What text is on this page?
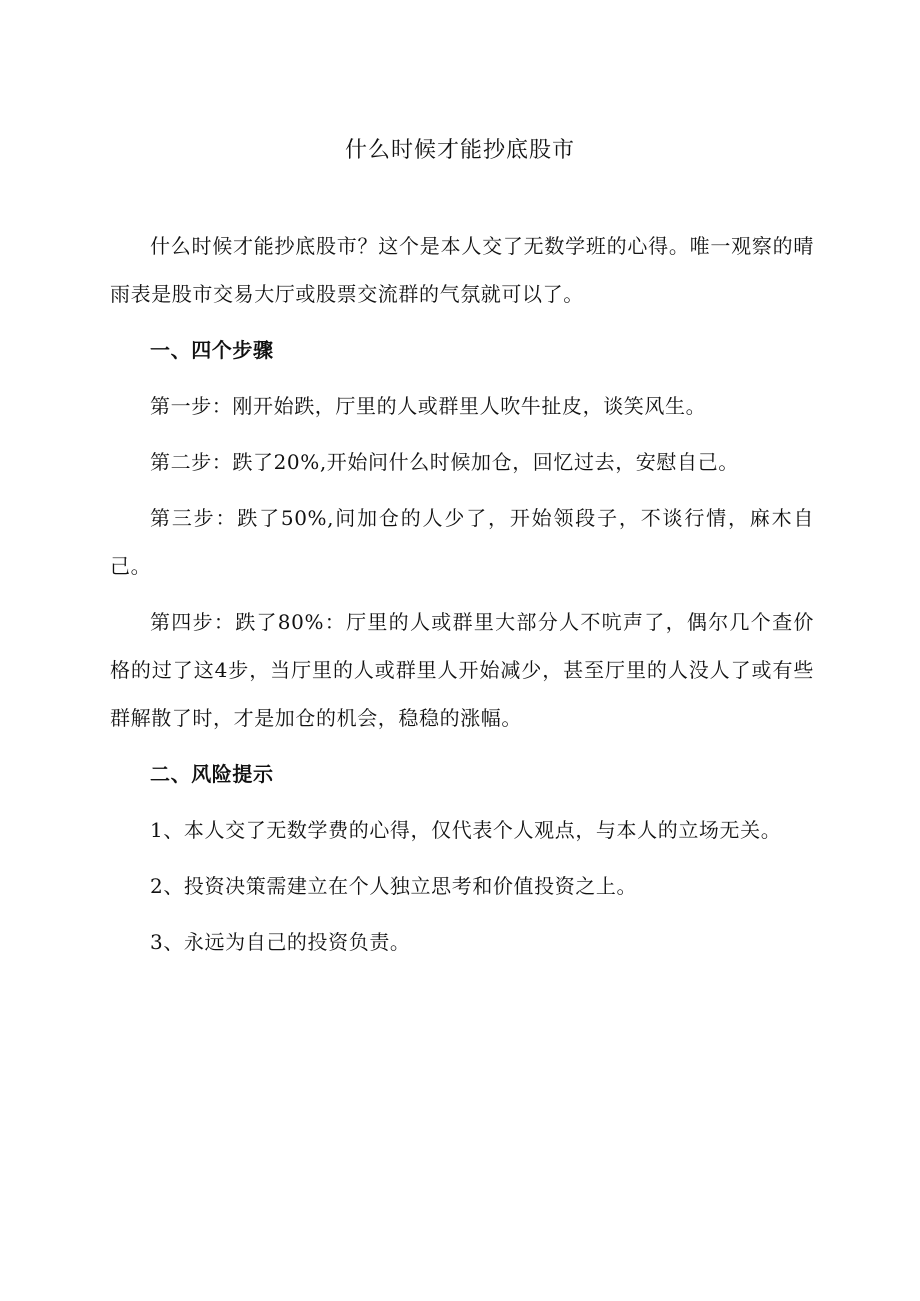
什么时候才能抄底股市

什么时候才能抄底股市？这个是本人交了无数学班的心得。唯一观察的晴雨表是股市交易大厅或股票交流群的气氛就可以了。

一、四个步骤

第一步：刚开始跌，厅里的人或群里人吹牛扯皮，谈笑风生。

第二步：跌了20%,开始问什么时候加仓，回忆过去，安慰自己。

第三步：跌了50%,问加仓的人少了，开始领段子，不谈行情，麻木自己。

第四步：跌了80%：厅里的人或群里大部分人不吭声了，偶尔几个查价格的过了这4步，当厅里的人或群里人开始减少，甚至厅里的人没人了或有些群解散了时，才是加仓的机会，稳稳的涨幅。

二、风险提示

1、本人交了无数学费的心得，仅代表个人观点，与本人的立场无关。

2、投资决策需建立在个人独立思考和价值投资之上。

3、永远为自己的投资负责。
